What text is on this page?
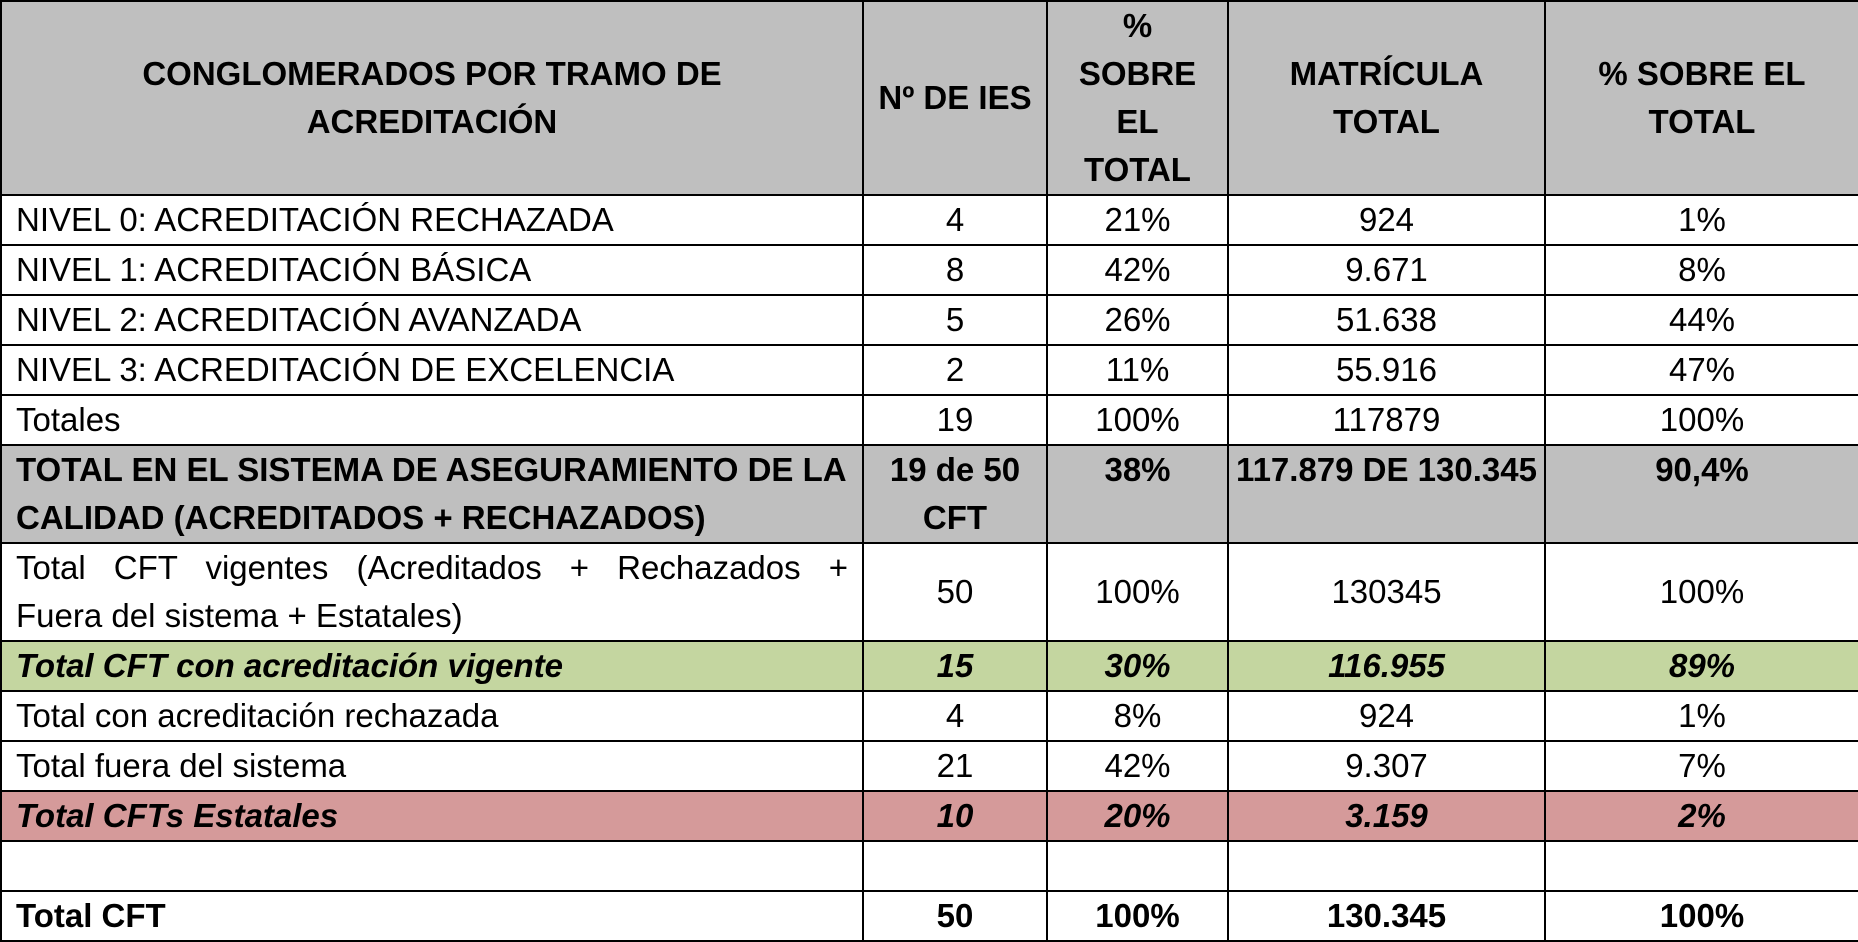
CONGLOMERADOS POR TRAMO DE ACREDITACIÓN	Nº DE IES	% SOBRE EL TOTAL	MATRÍCULA TOTAL	% SOBRE EL TOTAL
NIVEL 0: ACREDITACIÓN RECHAZADA	4	21%	924	1%
NIVEL 1: ACREDITACIÓN BÁSICA	8	42%	9.671	8%
NIVEL 2: ACREDITACIÓN AVANZADA	5	26%	51.638	44%
NIVEL 3: ACREDITACIÓN DE EXCELENCIA	2	11%	55.916	47%
Totales	19	100%	117879	100%
TOTAL EN EL SISTEMA DE ASEGURAMIENTO DE LA CALIDAD (ACREDITADOS + RECHAZADOS)	19 de 50 CFT	38%	117.879 DE 130.345	90,4%

Total CFT vigentes (Acreditados + Rechazados +
Fuera del sistema + Estatales)	50	100%	130345	100%
Total CFT con acreditación vigente	15	30%	116.955	89%
Total con acreditación rechazada	4	8%	924	1%
Total fuera del sistema	21	42%	9.307	7%
Total CFTs Estatales	10	20%	3.159	2%

Total CFT	50	100%	130.345	100%
